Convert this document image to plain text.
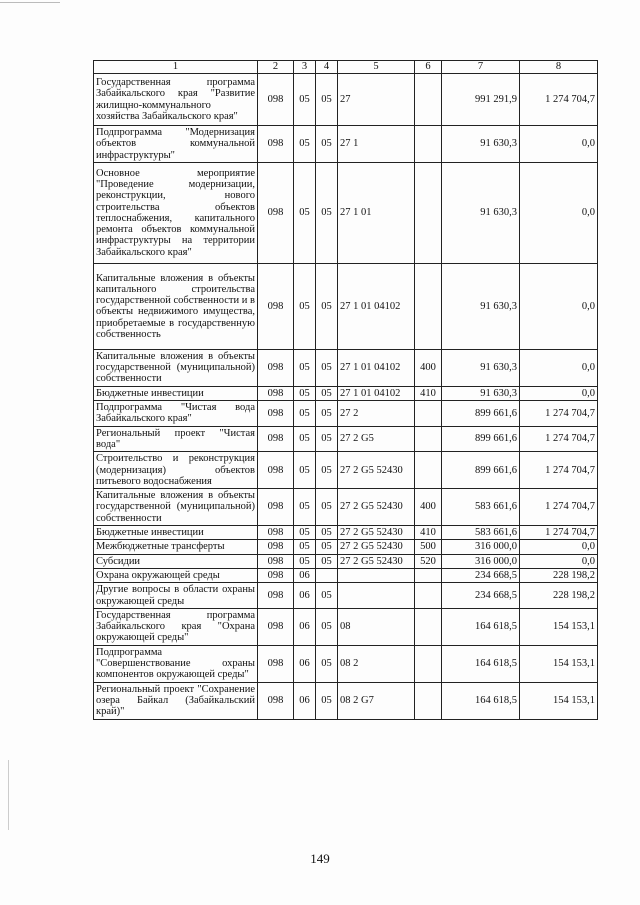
1	2	3	4	5	6	7	8
Государственная программа Забайкальского края "Развитие жилищно-коммунального хозяйства Забайкальского края"	098	05	05	27		991 291,9	1 274 704,7
Подпрограмма "Модернизация объектов коммунальной инфраструктуры"	098	05	05	27 1		91 630,3	0,0
Основное мероприятие "Проведение модернизации, реконструкции, нового строительства объектов теплоснабжения, капитального ремонта объектов коммунальной инфраструктуры на территории Забайкальского края"	098	05	05	27 1 01		91 630,3	0,0
Капитальные вложения в объекты капитального строительства государственной собственности и в объекты недвижимого имущества, приобретаемые в государственную собственность	098	05	05	27 1 01 04102		91 630,3	0,0
Капитальные вложения в объекты государственной (муниципальной) собственности	098	05	05	27 1 01 04102	400	91 630,3	0,0
Бюджетные инвестиции	098	05	05	27 1 01 04102	410	91 630,3	0,0
Подпрограмма "Чистая вода Забайкальского края"	098	05	05	27 2		899 661,6	1 274 704,7
Региональный проект "Чистая вода"	098	05	05	27 2 G5		899 661,6	1 274 704,7
Строительство и реконструкция (модернизация) объектов питьевого водоснабжения	098	05	05	27 2 G5 52430		899 661,6	1 274 704,7
Капитальные вложения в объекты государственной (муниципальной) собственности	098	05	05	27 2 G5 52430	400	583 661,6	1 274 704,7
Бюджетные инвестиции	098	05	05	27 2 G5 52430	410	583 661,6	1 274 704,7
Межбюджетные трансферты	098	05	05	27 2 G5 52430	500	316 000,0	0,0
Субсидии	098	05	05	27 2 G5 52430	520	316 000,0	0,0
Охрана окружающей среды	098	06				234 668,5	228 198,2
Другие вопросы в области охраны окружающей среды	098	06	05			234 668,5	228 198,2
Государственная программа Забайкальского края "Охрана окружающей среды"	098	06	05	08		164 618,5	154 153,1
Подпрограмма "Совершенствование охраны компонентов окружающей среды"	098	06	05	08 2		164 618,5	154 153,1
Региональный проект "Сохранение озера Байкал (Забайкальский край)"	098	06	05	08 2 G7		164 618,5	154 153,1
149
